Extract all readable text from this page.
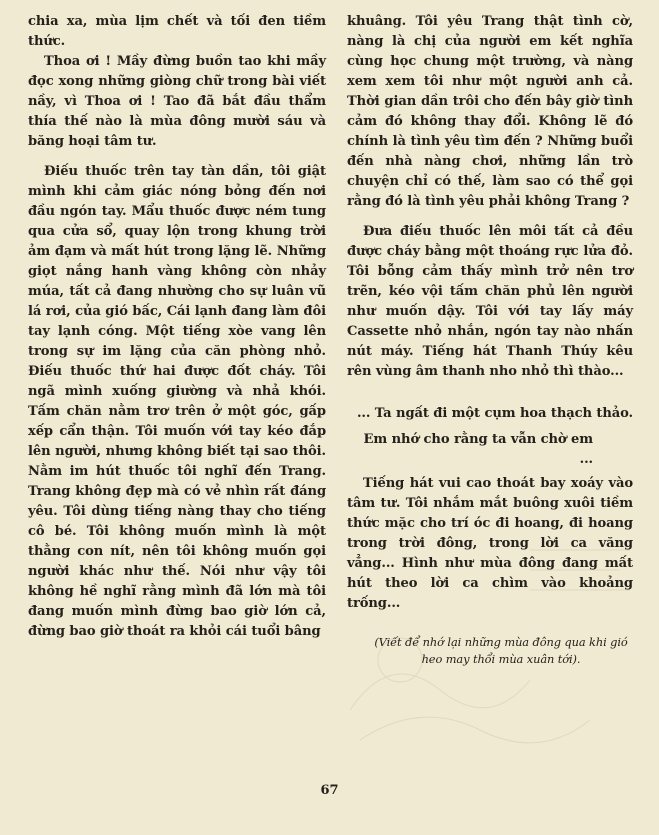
chia xa, mùa lịm chết và tối đen tiềm thức.

Thoa ơi ! Mầy đừng buồn tao khi mầy đọc xong những giòng chữ trong bài viết nầy, vì Thoa ơi ! Tao đã bắt đầu thẩm thía thế nào là mùa đông mười sáu và băng hoại tâm tư.

Điếu thuốc trên tay tàn dần, tôi giật mình khi cảm giác nóng bỏng đến nơi đầu ngón tay. Mẩu thuốc được ném tung qua cửa sổ, quay lộn trong khung trời ảm đạm và mất hút trong lặng lẽ. Những giọt nắng hanh vàng không còn nhảy múa, tất cả đang nhường cho sự luân vũ lá rơi, của gió bấc, Cái lạnh đang làm đôi tay lạnh cóng. Một tiếng xòe vang lên trong sự im lặng của căn phòng nhỏ. Điếu thuốc thứ hai được đốt cháy. Tôi ngã mình xuống giường và nhả khói. Tấm chăn nằm trơ trên ở một góc, gấp xếp cẩn thận. Tôi muốn với tay kéo đắp lên người, nhưng không biết tại sao thôi. Nằm im hút thuốc tôi nghĩ đến Trang. Trang không đẹp mà có vẻ nhìn rất đáng yêu. Tôi dùng tiếng nàng thay cho tiếng cô bé. Tôi không muốn mình là một thằng con nít, nên tôi không muốn gọi người khác như thế. Nói như vậy tôi không hề nghĩ rằng mình đã lớn mà tôi đang muốn mình đừng bao giờ lớn cả, đừng bao giờ thoát ra khỏi cái tuổi bâng

khuâng. Tôi yêu Trang thật tình cờ, nàng là chị của người em kết nghĩa cùng học chung một trường, và nàng xem xem tôi như một người anh cả. Thời gian dần trôi cho đến bây giờ tình cảm đó không thay đổi. Không lẽ đó chính là tình yêu tìm đến ? Những buổi đến nhà nàng chơi, những lần trò chuyện chỉ có thế, làm sao có thể gọi rằng đó là tình yêu phải không Trang ?

Đưa điếu thuốc lên môi tất cả đều được cháy bằng một thoáng rực lửa đỏ. Tôi bỗng cảm thấy mình trở nên trơ trẽn, kéo vội tấm chăn phủ lên người như muốn dậy. Tôi với tay lấy máy Cassette nhỏ nhắn, ngón tay nào nhấn nút máy. Tiếng hát Thanh Thúy kêu rên vùng âm thanh nho nhỏ thì thào...

... Ta ngất đi một cụm hoa thạch thảo.

Em nhớ cho rằng ta vẫn chờ em ...

Tiếng hát vui cao thoát bay xoáy vào tâm tư. Tôi nhắm mắt buông xuôi tiềm thức mặc cho trí óc đi hoang, đi hoang trong trời đông, trong lời ca văng vẳng... Hình như mùa đông đang mất hút theo lời ca chìm vào khoảng trống...

(Viết để nhớ lại những mùa đông qua khi gió heo may thổi mùa xuân tới).

67
